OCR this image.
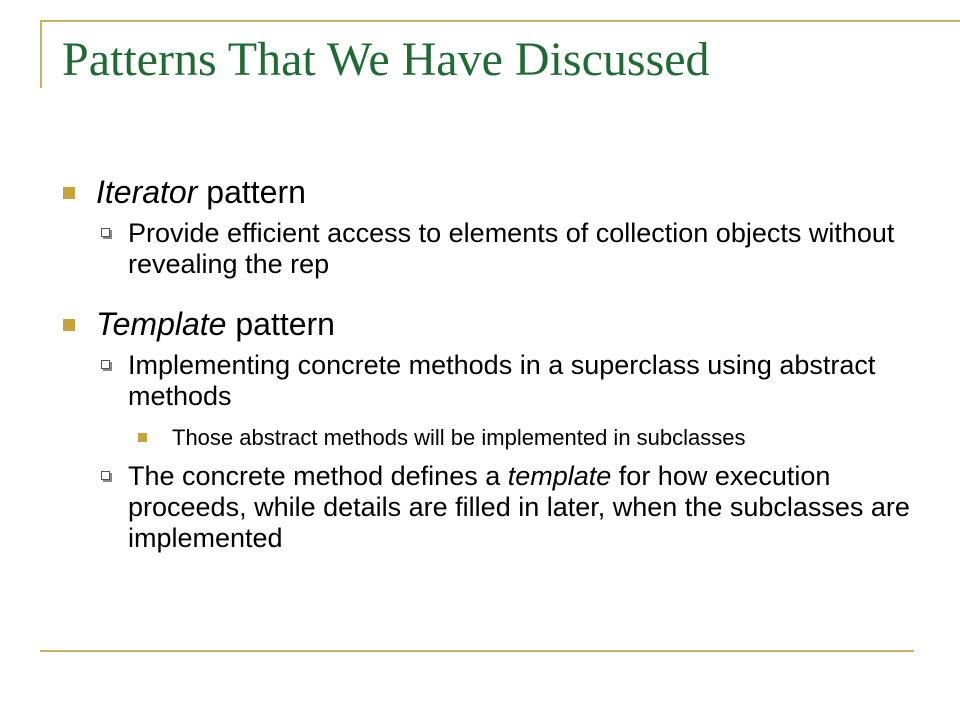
Patterns That We Have Discussed
Iterator pattern
Provide efficient access to elements of collection objects without revealing the rep
Template pattern
Implementing concrete methods in a superclass using abstract methods
Those abstract methods will be implemented in subclasses
The concrete method defines a template for how execution proceeds, while details are filled in later, when the subclasses are implemented
